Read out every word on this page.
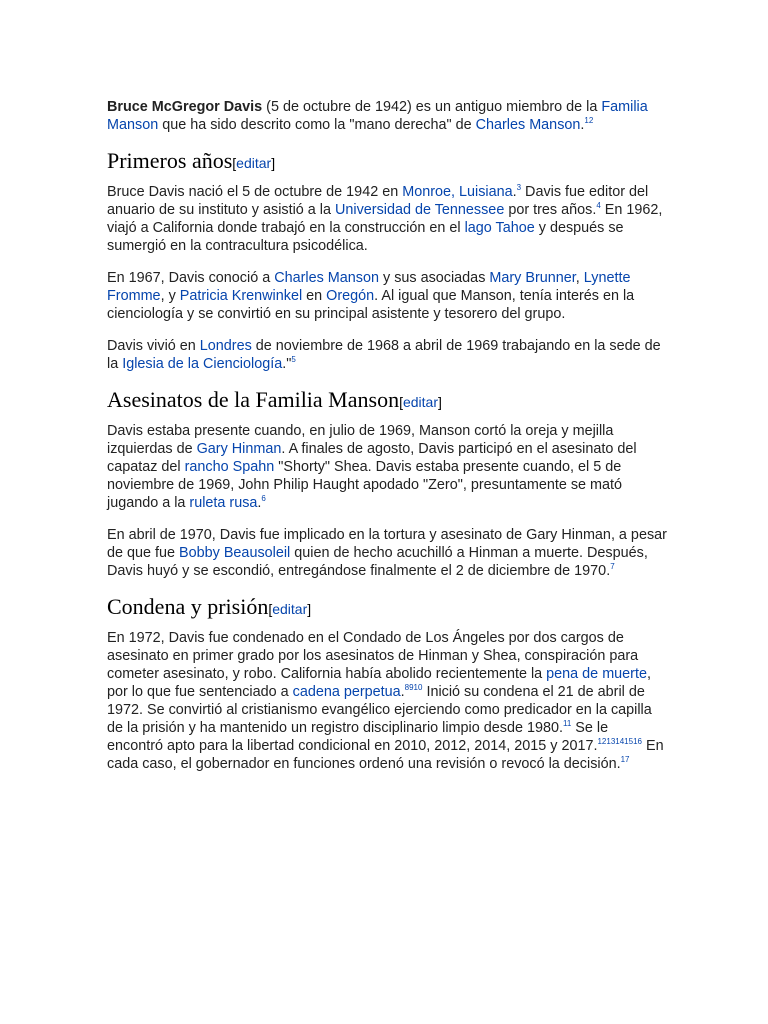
Bruce McGregor Davis (5 de octubre de 1942) es un antiguo miembro de la Familia Manson que ha sido descrito como la "mano derecha" de Charles Manson.$^{12}$

Primeros años[editar]

Bruce Davis nació el 5 de octubre de 1942 en Monroe, Luisiana.$^3$ Davis fue editor del anuario de su instituto y asistió a la Universidad de Tennessee por tres años.$^4$ En 1962, viajó a California donde trabajó en la construcción en el lago Tahoe y después se sumergió en la contracultura psicodélica.

En 1967, Davis conoció a Charles Manson y sus asociadas Mary Brunner, Lynette Fromme, y Patricia Krenwinkel en Oregón. Al igual que Manson, tenía interés en la cienciología y se convirtió en su principal asistente y tesorero del grupo.

Davis vivió en Londres de noviembre de 1968 a abril de 1969 trabajando en la sede de la Iglesia de la Cienciología."$^5$

Asesinatos de la Familia Manson[editar]

Davis estaba presente cuando, en julio de 1969, Manson cortó la oreja y mejilla izquierdas de Gary Hinman. A finales de agosto, Davis participó en el asesinato del capataz del rancho Spahn "Shorty" Shea. Davis estaba presente cuando, el 5 de noviembre de 1969, John Philip Haught apodado "Zero", presuntamente se mató jugando a la ruleta rusa.$^6$

En abril de 1970, Davis fue implicado en la tortura y asesinato de Gary Hinman, a pesar de que fue Bobby Beausoleil quien de hecho acuchilló a Hinman a muerte. Después, Davis huyó y se escondió, entregándose finalmente el 2 de diciembre de 1970.$^7$

Condena y prisión[editar]

En 1972, Davis fue condenado en el Condado de Los Ángeles por dos cargos de asesinato en primer grado por los asesinatos de Hinman y Shea, conspiración para cometer asesinato, y robo. California había abolido recientemente la pena de muerte, por lo que fue sentenciado a cadena perpetua.$^{8910}$ Inició su condena el 21 de abril de 1972. Se convirtió al cristianismo evangélico ejerciendo como predicador en la capilla de la prisión y ha mantenido un registro disciplinario limpio desde 1980.11 Se le encontró apto para la libertad condicional en 2010, 2012, 2014, 2015 y 2017.$^{1213141516}$ En cada caso, el gobernador en funciones ordenó una revisión o revocó la decisión.$^{17}$
